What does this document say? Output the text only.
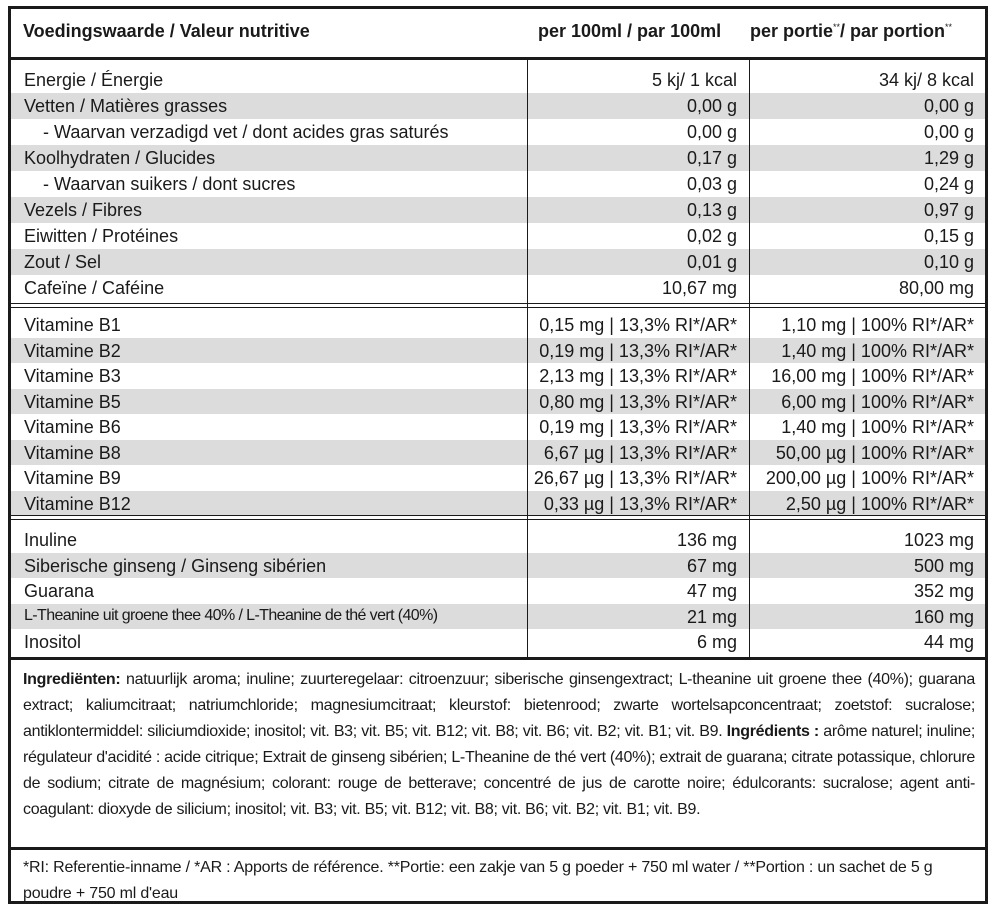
Voedingswaarde / Valeur nutritive	per 100ml / par 100ml per portie**/ par portion**
Energie / Énergie	5 kj/ 1 kcal	34 kj/ 8 kcal
Vetten / Matières grasses	0,00 g	0,00 g
- Waarvan verzadigd vet / dont acides gras saturés	0,00 g	0,00 g
Koolhydraten / Glucides	0,17 g	1,29 g
- Waarvan suikers / dont sucres	0,03 g	0,24 g
Vezels / Fibres	0,13 g	0,97 g
Eiwitten / Protéines	0,02 g	0,15 g
Zout / Sel	0,01 g	0,10 g
Cafeïne / Caféine	10,67 mg	80,00 mg
Vitamine B1	0,15 mg | 13,3% RI*/AR* 1,10 mg | 100% RI*/AR*
Vitamine B2	0,19 mg | 13,3% RI*/AR* 1,40 mg | 100% RI*/AR*
Vitamine B3	2,13 mg | 13,3% RI*/AR* 16,00 mg | 100% RI*/AR*
Vitamine B5	0,80 mg | 13,3% RI*/AR* 6,00 mg | 100% RI*/AR*
Vitamine B6	0,19 mg | 13,3% RI*/AR* 1,40 mg | 100% RI*/AR*
Vitamine B8	6,67 µg | 13,3% RI*/AR* 50,00 µg | 100% RI*/AR*
Vitamine B9	26,67 µg | 13,3% RI*/AR* 200,00 µg | 100% RI*/AR*
Vitamine B12	0,33 µg | 13,3% RI*/AR*	2,50 µg | 100% RI*/AR*
Inuline	136 mg	1023 mg
Siberische ginseng / Ginseng sibérien	67 mg	500 mg
Guarana	47 mg	352 mg
L-Theanine uit groene thee 40% / L-Theanine de thé vert (40%)	21 mg	160 mg
Inositol	6 mg	44 mg
Ingrediënten: natuurlijk aroma; inuline; zuurteregelaar: citroenzuur; siberische ginsengextract; L-theanine uit groene thee (40%); guarana extract; kaliumcitraat; natriumchloride; magnesiumcitraat; kleurstof: bietenrood; zwarte wortelsapconcentraat; zoetstof: sucralose; antiklontermiddel: siliciumdioxide; inositol; vit. B3; vit. B5; vit. B12; vit. B8; vit. B6; vit. B2; vit. B1; vit. B9. Ingrédients : arôme naturel; inuline; régulateur d'acidité : acide citrique; Extrait de ginseng sibérien; L-Theanine de thé vert (40%); extrait de guarana; citrate potassique, chlorure de sodium; citrate de magnésium; colorant: rouge de betterave; concentré de jus de carotte noire; édulcorants: sucralose; agent anti-coagulant: dioxyde de silicium; inositol; vit. B3; vit. B5; vit. B12; vit. B8; vit. B6; vit. B2; vit. B1; vit. B9.
*RI: Referentie-inname / *AR : Apports de référence. **Portie: een zakje van 5 g poeder + 750 ml water / **Portion : un sachet de 5 g poudre + 750 ml d'eau
